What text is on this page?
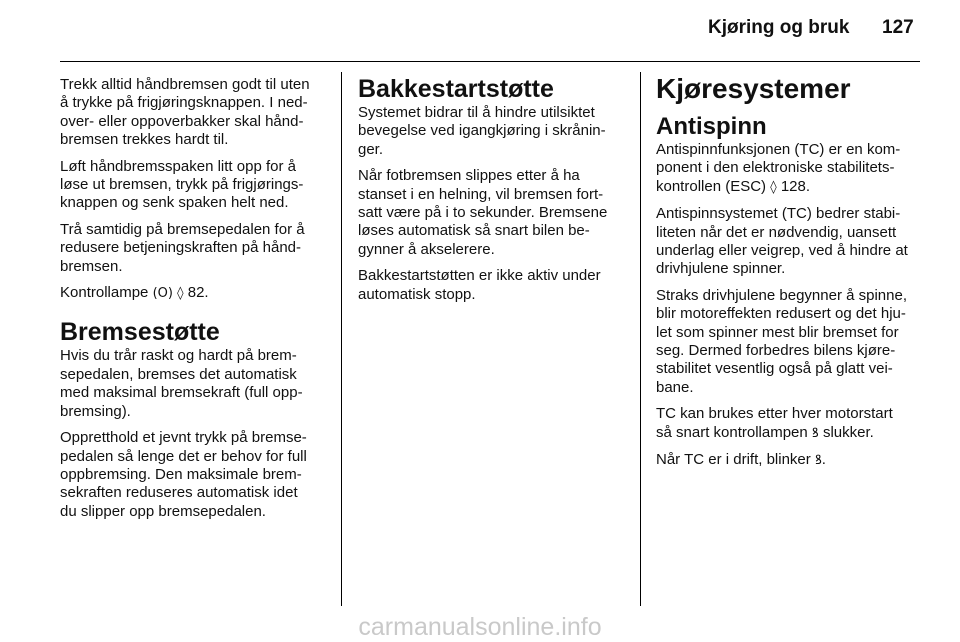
Kjøring og bruk 127

Trekk alltid håndbremsen godt til uten
å trykke på frigjøringsknappen. I ned-
over- eller oppoverbakker skal hånd-
bremsen trekkes hardt til.

Løft håndbremsspaken litt opp for å
løse ut bremsen, trykk på frigjørings-
knappen og senk spaken helt ned.

Trå samtidig på bremsepedalen for å
redusere betjeningskraften på hånd-
bremsen.

Kontrollampe (O) ◊ 82.

Bremsestøtte

Hvis du trår raskt og hardt på brem-
sepedalen, bremses det automatisk
med maksimal bremsekraft (full opp-
bremsing).

Oppretthold et jevnt trykk på bremse-
pedalen så lenge det er behov for full
oppbremsing. Den maksimale brem-
sekraften reduseres automatisk idet
du slipper opp bremsepedalen.

Bakkestartstøtte

Systemet bidrar til å hindre utilsiktet
bevegelse ved igangkjøring i skrånin-
ger.

Når fotbremsen slippes etter å ha
stanset i en helning, vil bremsen fort-
satt være på i to sekunder. Bremsene
løses automatisk så snart bilen be-
gynner å akselerere.

Bakkestartstøtten er ikke aktiv under
automatisk stopp.

Kjøresystemer
Antispinn

Antispinnfunksjonen (TC) er en kom-
ponent i den elektroniske stabilitets-
kontrollen (ESC) ◊ 128.

Antispinnsystemet (TC) bedrer stabi-
liteten når det er nødvendig, uansett
underlag eller veigrep, ved å hindre at
drivhjulene spinner.

Straks drivhjulene begynner å spinne,
blir motoreffekten redusert og det hju-
let som spinner mest blir bremset for
seg. Dermed forbedres bilens kjøre-
stabilitet vesentlig også på glatt vei-
bane.

TC kan brukes etter hver motorstart
så snart kontrollampen ꝸ slukker.

Når TC er i drift, blinker ꝸ.

carmanualsonline.info
